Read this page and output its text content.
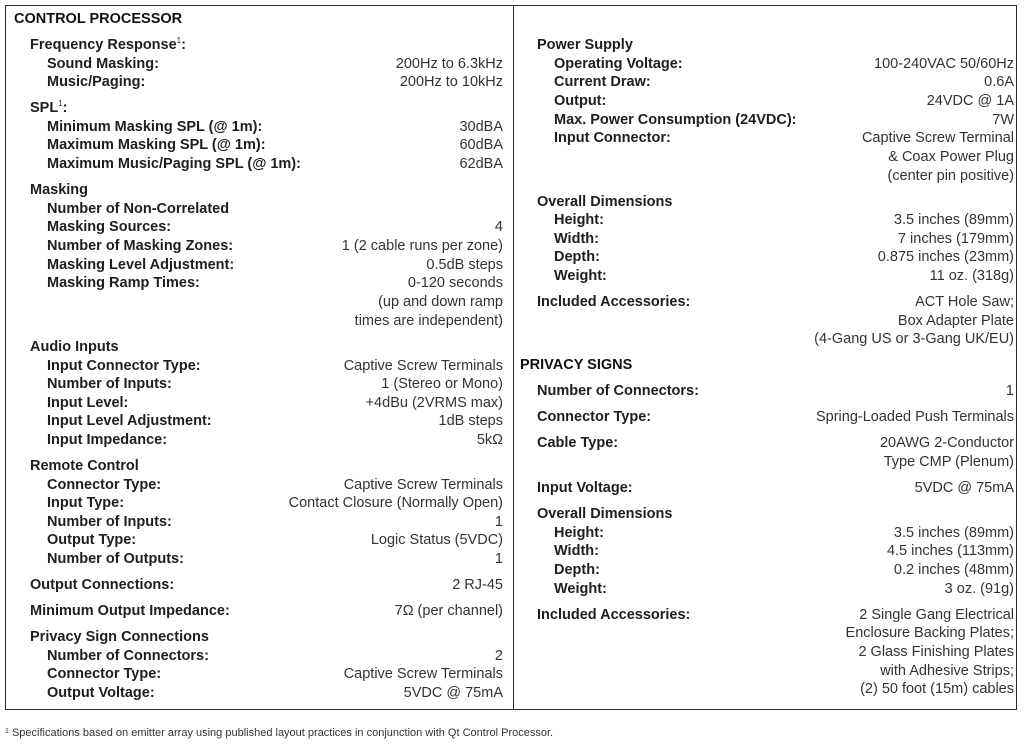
CONTROL PROCESSOR
Frequency Response$^1$:
Sound Masking:	200Hz to 6.3kHz
Music/Paging:	200Hz to 10kHz
SPL$^1$:
Minimum Masking SPL (@ 1m):	30dBA
Maximum Masking SPL (@ 1m):	60dBA
Maximum Music/Paging SPL (@ 1m):	62dBA
Masking
Number of Non-Correlated
Masking Sources:	4
Number of Masking Zones:	1 (2 cable runs per zone)
Masking Level Adjustment:	0.5dB steps
Masking Ramp Times:	0-120 seconds
(up and down ramp
times are independent)
Audio Inputs
Input Connector Type:	Captive Screw Terminals
Number of Inputs:	1 (Stereo or Mono)
Input Level:	+4dBu (2VRMS max)
Input Level Adjustment:	1dB steps
Input Impedance:	5kΩ
Remote Control
Connector Type:	Captive Screw Terminals
Input Type:	Contact Closure (Normally Open)
Number of Inputs:	1
Output Type:	Logic Status (5VDC)
Number of Outputs:	1
Output Connections:	2 RJ-45
Minimum Output Impedance:	7Ω (per channel)
Privacy Sign Connections
Number of Connectors:	2
Connector Type:	Captive Screw Terminals
Output Voltage:	5VDC @ 75mA
Power Supply
Operating Voltage:	100-240VAC 50/60Hz
Current Draw:	0.6A
Output:	24VDC @ 1A
Max. Power Consumption (24VDC):	7W
Input Connector:	Captive Screw Terminal
& Coax Power Plug
(center pin positive)
Overall Dimensions
Height:	3.5 inches (89mm)
Width:	7 inches (179mm)
Depth:	0.875 inches (23mm)
Weight:	11 oz. (318g)
Included Accessories:	ACT Hole Saw;
Box Adapter Plate
(4-Gang US or 3-Gang UK/EU)
PRIVACY SIGNS
Number of Connectors:	1
Connector Type:	Spring-Loaded Push Terminals
Cable Type:	20AWG 2-Conductor
Type CMP (Plenum)
Input Voltage:	5VDC @ 75mA
Overall Dimensions
Height:	3.5 inches (89mm)
Width:	4.5 inches (113mm)
Depth:	0.2 inches (48mm)
Weight:	3 oz. (91g)
Included Accessories:	2 Single Gang Electrical
Enclosure Backing Plates;
2 Glass Finishing Plates
with Adhesive Strips;
(2) 50 foot (15m) cables
$^1$ Specifications based on emitter array using published layout practices in conjunction with Qt Control Processor.
